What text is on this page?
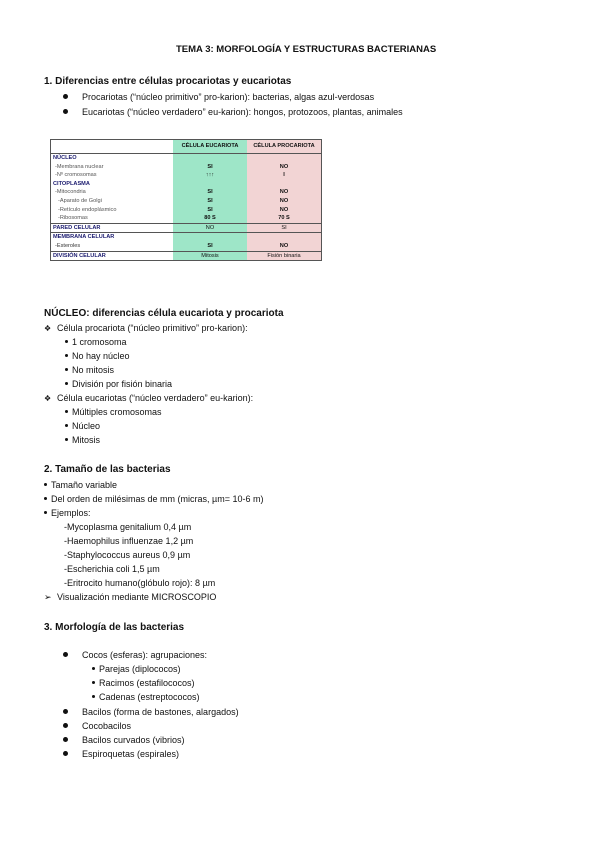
TEMA 3: MORFOLOGÍA Y ESTRUCTURAS BACTERIANAS
1. Diferencias entre células procariotas y eucariotas
Procariotas (“núcleo primitivo” pro-karion): bacterias, algas azul-verdosas
Eucariotas (“núcleo verdadero” eu-karion): hongos, protozoos, plantas, animales
	CÉLULA EUCARIOTA	CÉLULA PROCARIOTA
NÚCLEO		
-Membrana nuclear	SI	NO
-Nº cromosomas	↑↑↑	I
CITOPLASMA		
-Mitocondria	SI	NO
-Aparato de Golgi	SI	NO
-Retículo endoplásmico	SI	NO
-Ribosomas	80 S	70 S
PARED CELULAR	NO	SI
MEMBRANA CELULAR		
-Esteroles	SI	NO
DIVISIÓN CELULAR	Mitosis	Fisión binaria
NÚCLEO: diferencias célula eucariota y procariota
❖ Célula procariota (“núcleo primitivo” pro-karion):
1 cromosoma
No hay núcleo
No mitosis
División por fisión binaria
❖ Célula eucariotas (“núcleo verdadero” eu-karion):
Múltiples cromosomas
Núcleo
Mitosis
2. Tamaño de las bacterias
Tamaño variable
Del orden de milésimas de mm (micras, µm= 10-6 m)
Ejemplos:
-Mycoplasma genitalium 0,4 µm
-Haemophilus influenzae 1,2 µm
-Staphylococcus aureus 0,9 µm
-Escherichia coli 1,5 µm
-Eritrocito humano(glóbulo rojo): 8 µm
➢ Visualización mediante MICROSCOPIO
3. Morfología de las bacterias
Cocos (esferas): agrupaciones:
Parejas (diplococos)
Racimos (estafilococos)
Cadenas (estreptococos)
Bacilos (forma de bastones, alargados)
Cocobacilos
Bacilos curvados (vibrios)
Espiroquetas (espirales)
